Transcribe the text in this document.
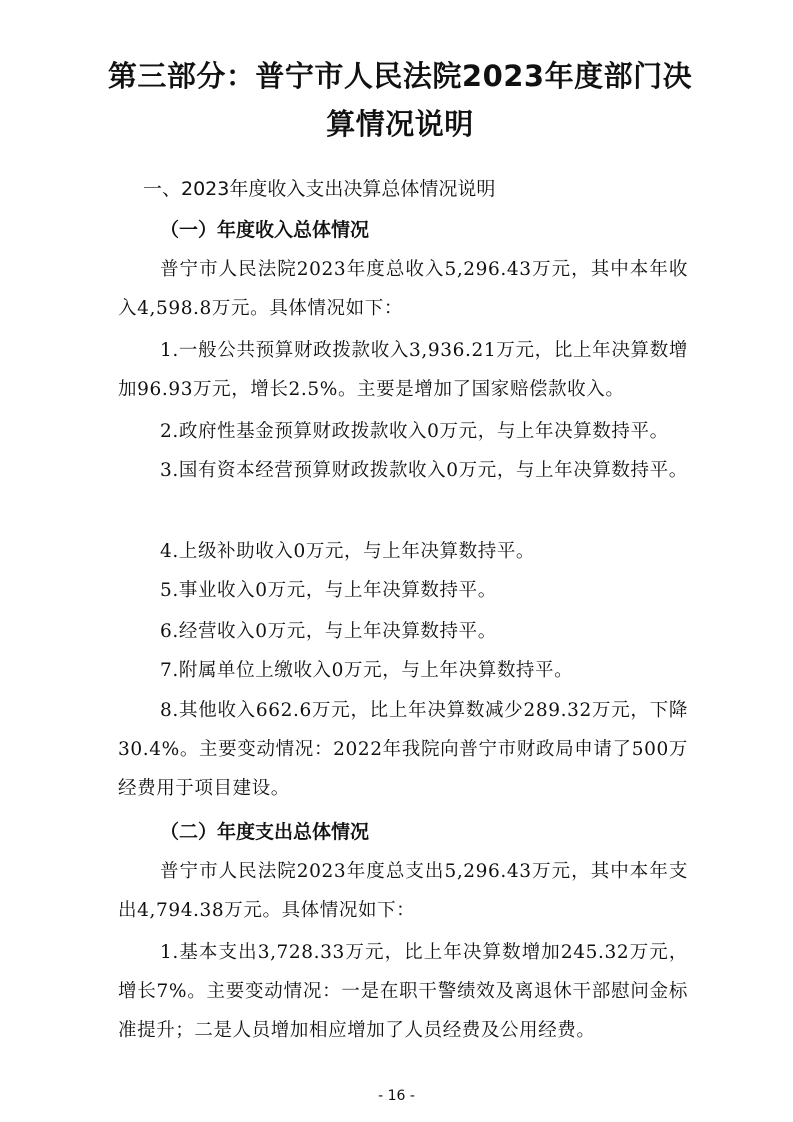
第三部分：普宁市人民法院2023年度部门决算情况说明
一、2023年度收入支出决算总体情况说明
（一）年度收入总体情况
普宁市人民法院2023年度总收入5,296.43万元，其中本年收入4,598.8万元。具体情况如下：
1.一般公共预算财政拨款收入3,936.21万元，比上年决算数增加96.93万元，增长2.5%。主要是增加了国家赔偿款收入。
2.政府性基金预算财政拨款收入0万元，与上年决算数持平。
3.国有资本经营预算财政拨款收入0万元，与上年决算数持平。
4.上级补助收入0万元，与上年决算数持平。
5.事业收入0万元，与上年决算数持平。
6.经营收入0万元，与上年决算数持平。
7.附属单位上缴收入0万元，与上年决算数持平。
8.其他收入662.6万元，比上年决算数减少289.32万元，下降30.4%。主要变动情况：2022年我院向普宁市财政局申请了500万经费用于项目建设。
（二）年度支出总体情况
普宁市人民法院2023年度总支出5,296.43万元，其中本年支出4,794.38万元。具体情况如下：
1.基本支出3,728.33万元，比上年决算数增加245.32万元，增长7%。主要变动情况：一是在职干警绩效及离退休干部慰问金标准提升；二是人员增加相应增加了人员经费及公用经费。
- 16 -
